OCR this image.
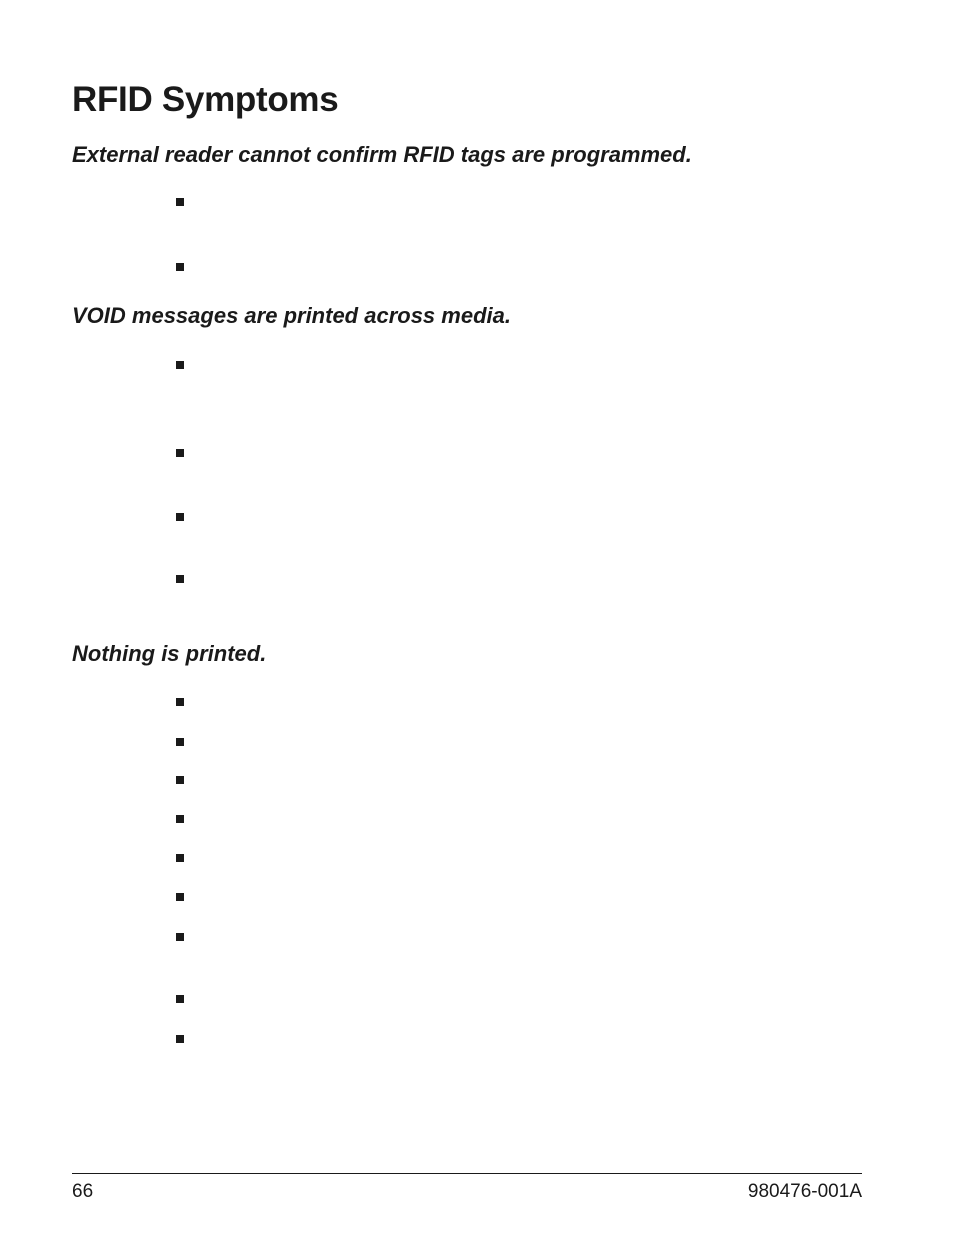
RFID Symptoms
External reader cannot confirm RFID tags are programmed.
VOID messages are printed across media.
Nothing is printed.
66	980476-001A
